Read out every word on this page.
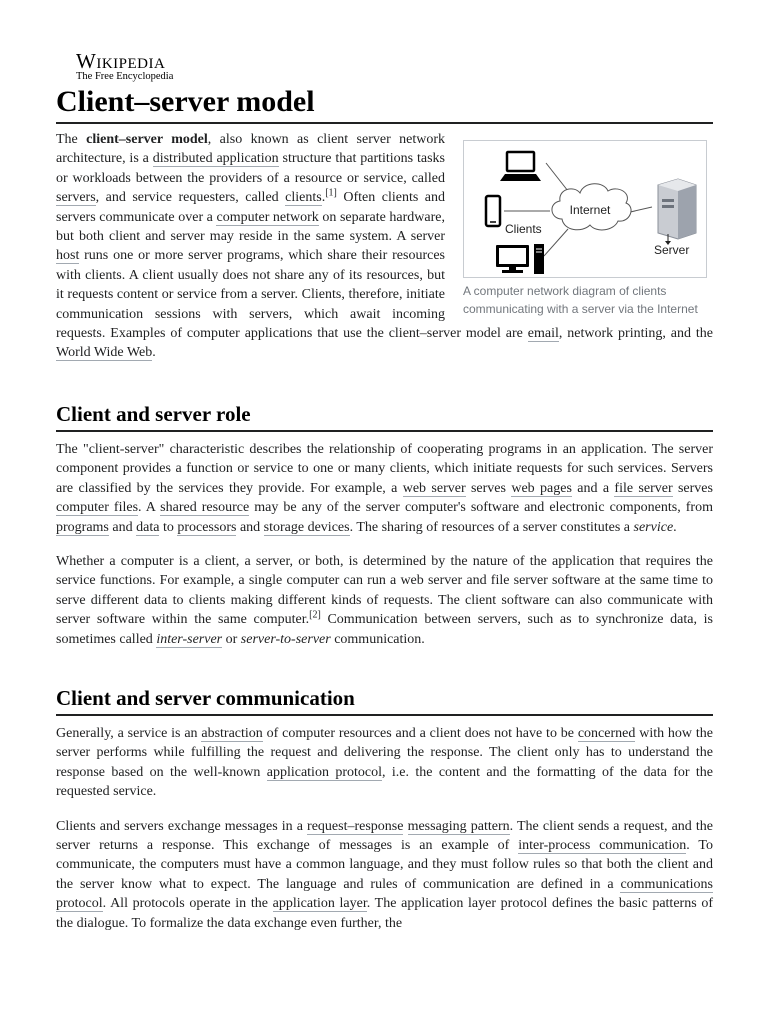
Wikipedia
The Free Encyclopedia
Client–server model
Internet
Clients
Server
A computer network diagram of clients communicating with a server via the Internet

The client–server model, also known as client server network architecture, is a distributed application structure that partitions tasks or workloads between the providers of a resource or service, called servers, and service requesters, called clients.[1] Often clients and servers communicate over a computer network on separate hardware, but both client and server may reside in the same system. A server host runs one or more server programs, which share their resources with clients. A client usually does not share any of its resources, but it requests content or service from a server. Clients, therefore, initiate communication sessions with servers, which await incoming requests. Examples of computer applications that use the client–server model are email, network printing, and the World Wide Web.

Client and server role

The "client-server" characteristic describes the relationship of cooperating programs in an application. The server component provides a function or service to one or many clients, which initiate requests for such services. Servers are classified by the services they provide. For example, a web server serves web pages and a file server serves computer files. A shared resource may be any of the server computer's software and electronic components, from programs and data to processors and storage devices. The sharing of resources of a server constitutes a service.

Whether a computer is a client, a server, or both, is determined by the nature of the application that requires the service functions. For example, a single computer can run a web server and file server software at the same time to serve different data to clients making different kinds of requests. The client software can also communicate with server software within the same computer.[2] Communication between servers, such as to synchronize data, is sometimes called inter-server or server-to-server communication.

Client and server communication

Generally, a service is an abstraction of computer resources and a client does not have to be concerned with how the server performs while fulfilling the request and delivering the response. The client only has to understand the response based on the well-known application protocol, i.e. the content and the formatting of the data for the requested service.

Clients and servers exchange messages in a request–response messaging pattern. The client sends a request, and the server returns a response. This exchange of messages is an example of inter-process communication. To communicate, the computers must have a common language, and they must follow rules so that both the client and the server know what to expect. The language and rules of communication are defined in a communications protocol. All protocols operate in the application layer. The application layer protocol defines the basic patterns of the dialogue. To formalize the data exchange even further, the
